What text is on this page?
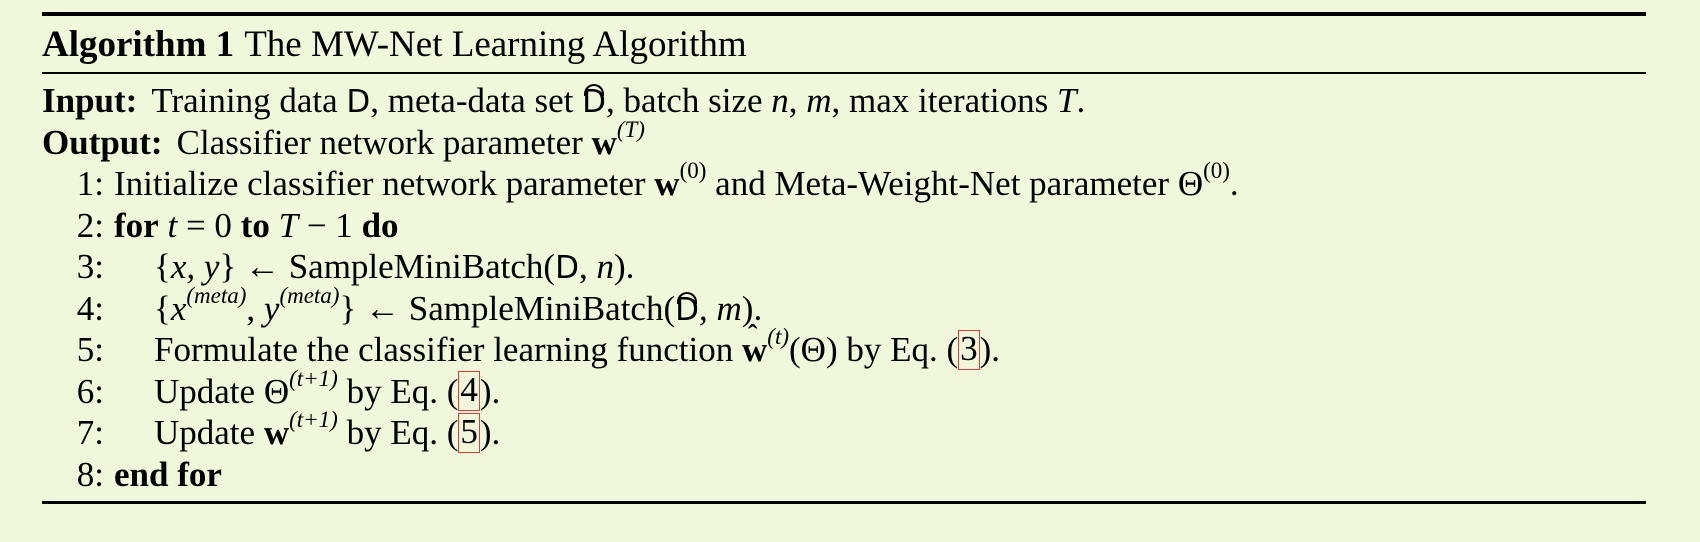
Algorithm 1 The MW-Net Learning Algorithm
Input: Training data D, meta-data set D, batch size n, m, max iterations T.
Output: Classifier network parameter $w^{(T)}$
1: Initialize classifier network parameter $w^{(0)}$ and Meta-Weight-Net parameter $\Theta^{(0)}$.
2: for t = 0 to T − 1 do
3: {x, y} ← SampleMiniBatch(D, n).
4: {$x^{(meta)}$, $y^{(meta)}$} ← SampleMiniBatch(D, m).
5: Formulate the classifier learning function ˆ $w^{(t)}(\Theta)$ by Eq. (3).
6: Update $\Theta^{(t+1)}$ by Eq. (4).
7: Update $w^{(t+1)}$ by Eq. (5).
8: end for
